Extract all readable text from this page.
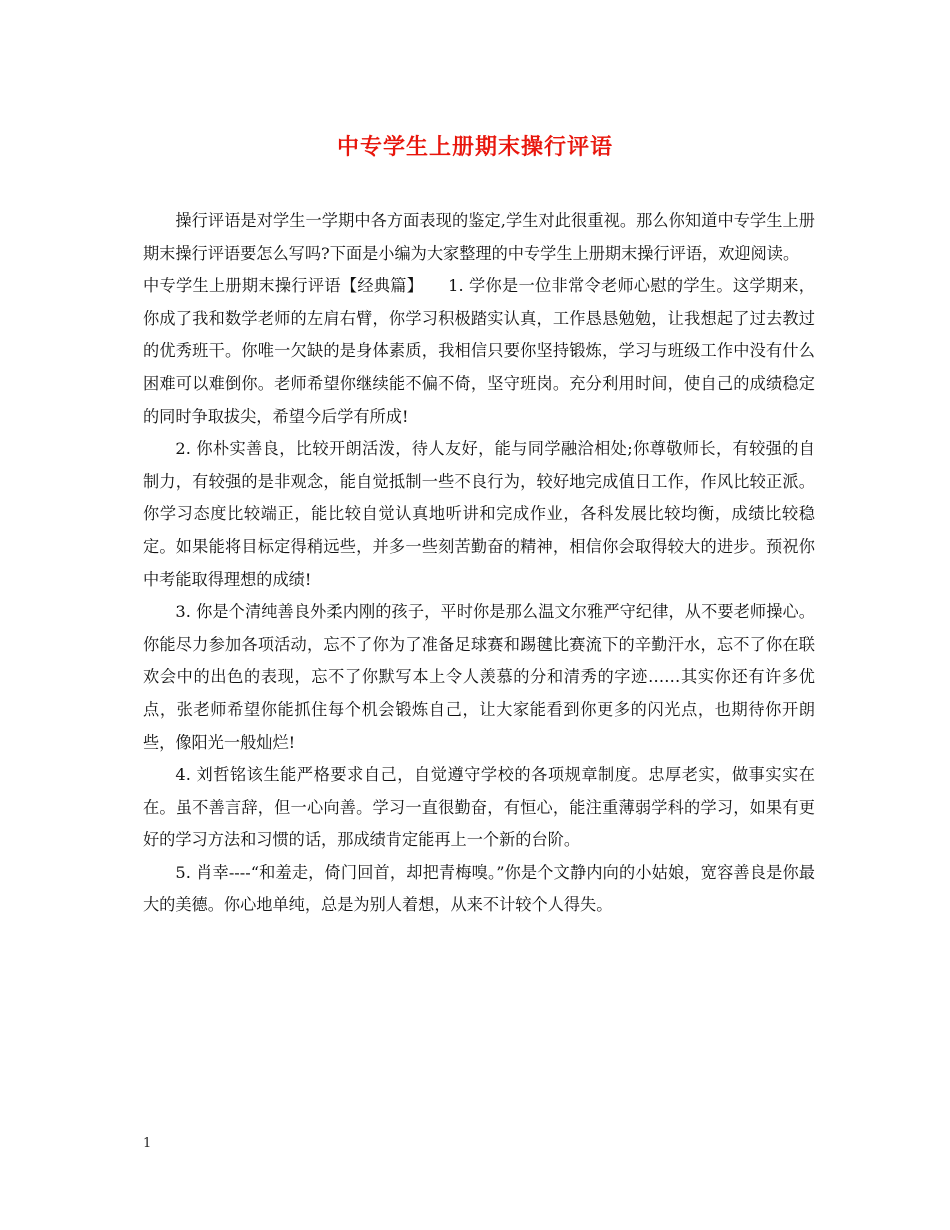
中专学生上册期末操行评语

操行评语是对学生一学期中各方面表现的鉴定,学生对此很重视。那么你知道中专学生上册期末操行评语要怎么写吗?下面是小编为大家整理的中专学生上册期末操行评语，欢迎阅读。

中专学生上册期末操行评语【经典篇】　　1. 学你是一位非常令老师心慰的学生。这学期来，你成了我和数学老师的左肩右臂，你学习积极踏实认真，工作恳恳勉勉，让我想起了过去教过的优秀班干。你唯一欠缺的是身体素质，我相信只要你坚持锻炼，学习与班级工作中没有什么困难可以难倒你。老师希望你继续能不偏不倚，坚守班岗。充分利用时间，使自己的成绩稳定的同时争取拔尖，希望今后学有所成!

2. 你朴实善良，比较开朗活泼，待人友好，能与同学融洽相处;你尊敬师长，有较强的自制力，有较强的是非观念，能自觉抵制一些不良行为，较好地完成值日工作，作风比较正派。你学习态度比较端正，能比较自觉认真地听讲和完成作业，各科发展比较均衡，成绩比较稳定。如果能将目标定得稍远些，并多一些刻苦勤奋的精神，相信你会取得较大的进步。预祝你中考能取得理想的成绩!

3. 你是个清纯善良外柔内刚的孩子，平时你是那么温文尔雅严守纪律，从不要老师操心。你能尽力参加各项活动，忘不了你为了准备足球赛和踢毽比赛流下的辛勤汗水，忘不了你在联欢会中的出色的表现，忘不了你默写本上令人羡慕的分和清秀的字迹……其实你还有许多优点，张老师希望你能抓住每个机会锻炼自己，让大家能看到你更多的闪光点，也期待你开朗些，像阳光一般灿烂!

4. 刘哲铭该生能严格要求自己，自觉遵守学校的各项规章制度。忠厚老实，做事实实在在。虽不善言辞，但一心向善。学习一直很勤奋，有恒心，能注重薄弱学科的学习，如果有更好的学习方法和习惯的话，那成绩肯定能再上一个新的台阶。

5. 肖幸----“和羞走，倚门回首，却把青梅嗅。”你是个文静内向的小姑娘，宽容善良是你最大的美德。你心地单纯，总是为别人着想，从来不计较个人得失。

1
